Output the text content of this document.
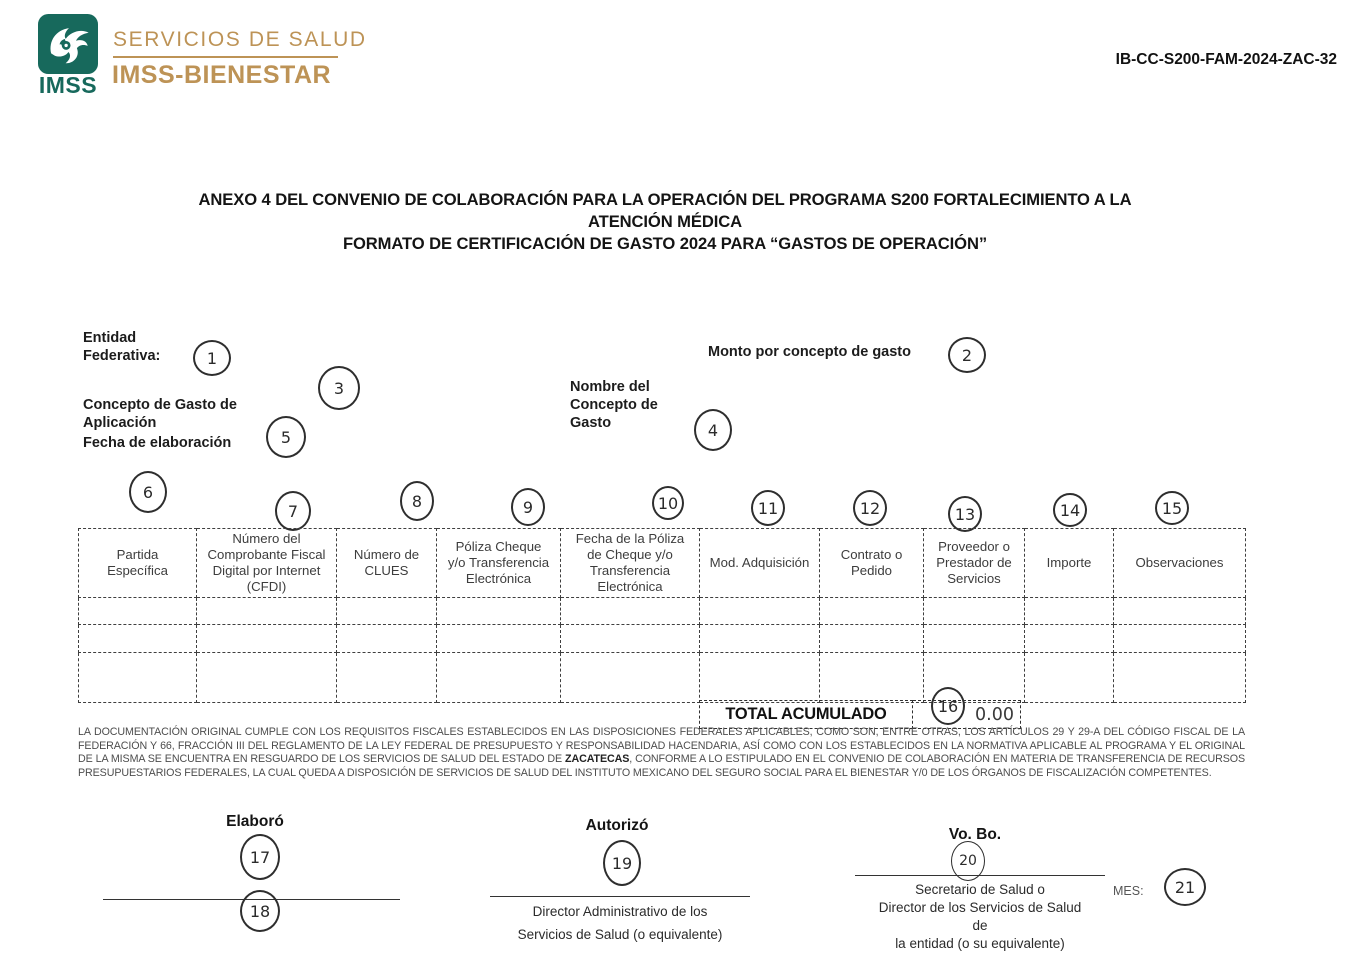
IMSS
SERVICIOS DE SALUD
IMSS-BIENESTAR
IB-CC-S200-FAM-2024-ZAC-32
ANEXO 4 DEL CONVENIO DE COLABORACIÓN PARA LA OPERACIÓN DEL PROGRAMA S200 FORTALECIMIENTO A LA
ATENCIÓN MÉDICA
FORMATO DE CERTIFICACIÓN DE GASTO 2024 PARA “GASTOS DE OPERACIÓN”
Entidad Federativa:	Monto por concepto de gasto
Concepto de Gasto de Aplicación
Nombre del Concepto de Gasto
Fecha de elaboración
1	2
3
4
5
6
7
8	9	10	11	12	13	14	15
Partida Específica	Número del Comprobante Fiscal Digital por Internet (CFDI)	Número de CLUES	Póliza Cheque y/o Transferencia Electrónica	Fecha de la Póliza de Cheque y/o Transferencia Electrónica	Mod. Adquisición	Contrato o Pedido	Proveedor o Prestador de Servicios	Importe	Observaciones

TOTAL ACUMULADO	0.00
16
LA DOCUMENTACIÓN ORIGINAL CUMPLE CON LOS REQUISITOS FISCALES ESTABLECIDOS EN LAS DISPOSICIONES FEDERALES APLICABLES, COMO SON, ENTRE OTRAS, LOS ARTÍCULOS 29 Y 29-A DEL CÓDIGO FISCAL DE LA FEDERACIÓN Y 66, FRACCIÓN III DEL REGLAMENTO DE LA LEY FEDERAL DE PRESUPUESTO Y RESPONSABILIDAD HACENDARIA, ASÍ COMO CON LOS ESTABLECIDOS EN LA NORMATIVA APLICABLE AL PROGRAMA Y EL ORIGINAL DE LA MISMA SE ENCUENTRA EN RESGUARDO DE LOS SERVICIOS DE SALUD DEL ESTADO DE ZACATECAS, CONFORME A LO ESTIPULADO EN EL CONVENIO DE COLABORACIÓN EN MATERIA DE TRANSFERENCIA DE RECURSOS PRESUPUESTARIOS FEDERALES, LA CUAL QUEDA A DISPOSICIÓN DE SERVICIOS DE SALUD DEL INSTITUTO MEXICANO DEL SEGURO SOCIAL PARA EL BIENESTAR Y/0 DE LOS ÓRGANOS DE FISCALIZACIÓN COMPETENTES.
Elaboró
17
18
Autorizó
19
Director Administrativo de los
Servicios de Salud (o equivalente)
Vo. Bo.
20
Secretario de Salud o
Director de los Servicios de Salud
de
la entidad (o su equivalente)
MES:	21
